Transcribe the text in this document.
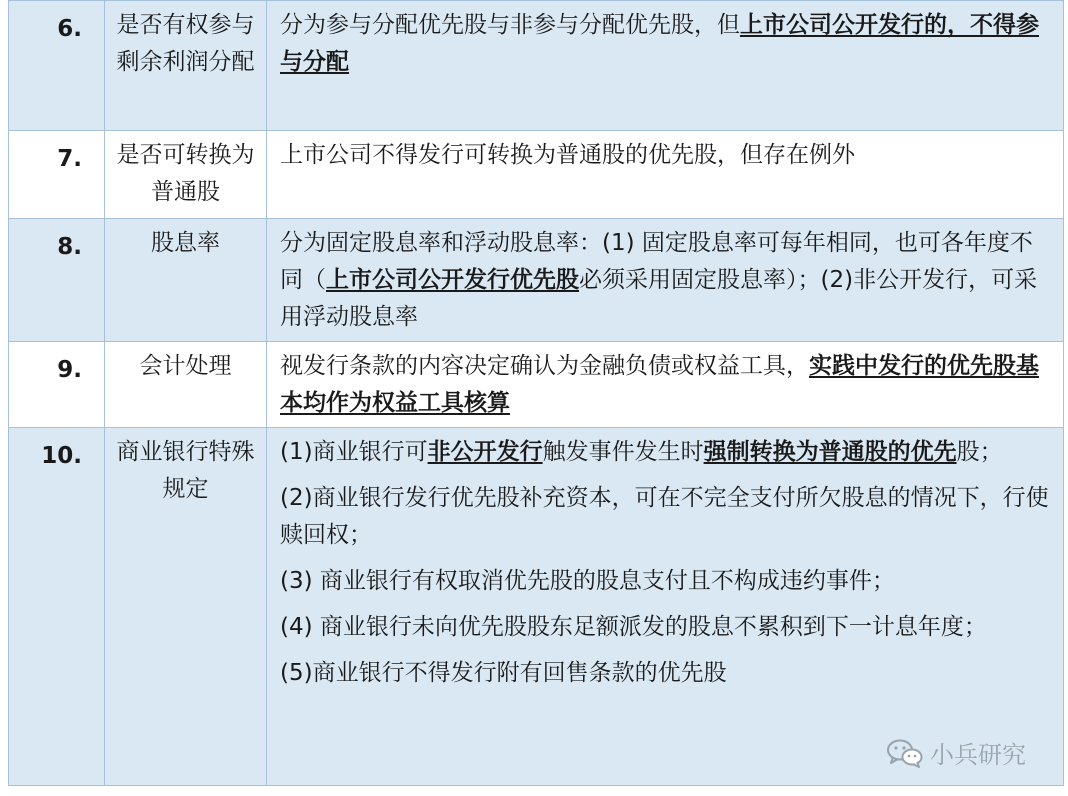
6.	是否有权参与剩余利润分配	分为参与分配优先股与非参与分配优先股，但上市公司公开发行的，不得参与分配
7.	是否可转换为普通股	上市公司不得发行可转换为普通股的优先股，但存在例外
8.	股息率	分为固定股息率和浮动股息率：(1) 固定股息率可每年相同，也可各年度不同（上市公司公开发行优先股必须采用固定股息率）；(2)非公开发行，可采用浮动股息率
9.	会计处理	视发行条款的内容决定确认为金融负债或权益工具，实践中发行的优先股基本均作为权益工具核算
10.	商业银行特殊规定	(1)商业银行可非公开发行触发事件发生时强制转换为普通股的优先股；
(2)商业银行发行优先股补充资本，可在不完全支付所欠股息的情况下，行使赎回权；
(3) 商业银行有权取消优先股的股息支付且不构成违约事件；
(4) 商业银行未向优先股股东足额派发的股息不累积到下一计息年度；
(5)商业银行不得发行附有回售条款的优先股
小兵研究
